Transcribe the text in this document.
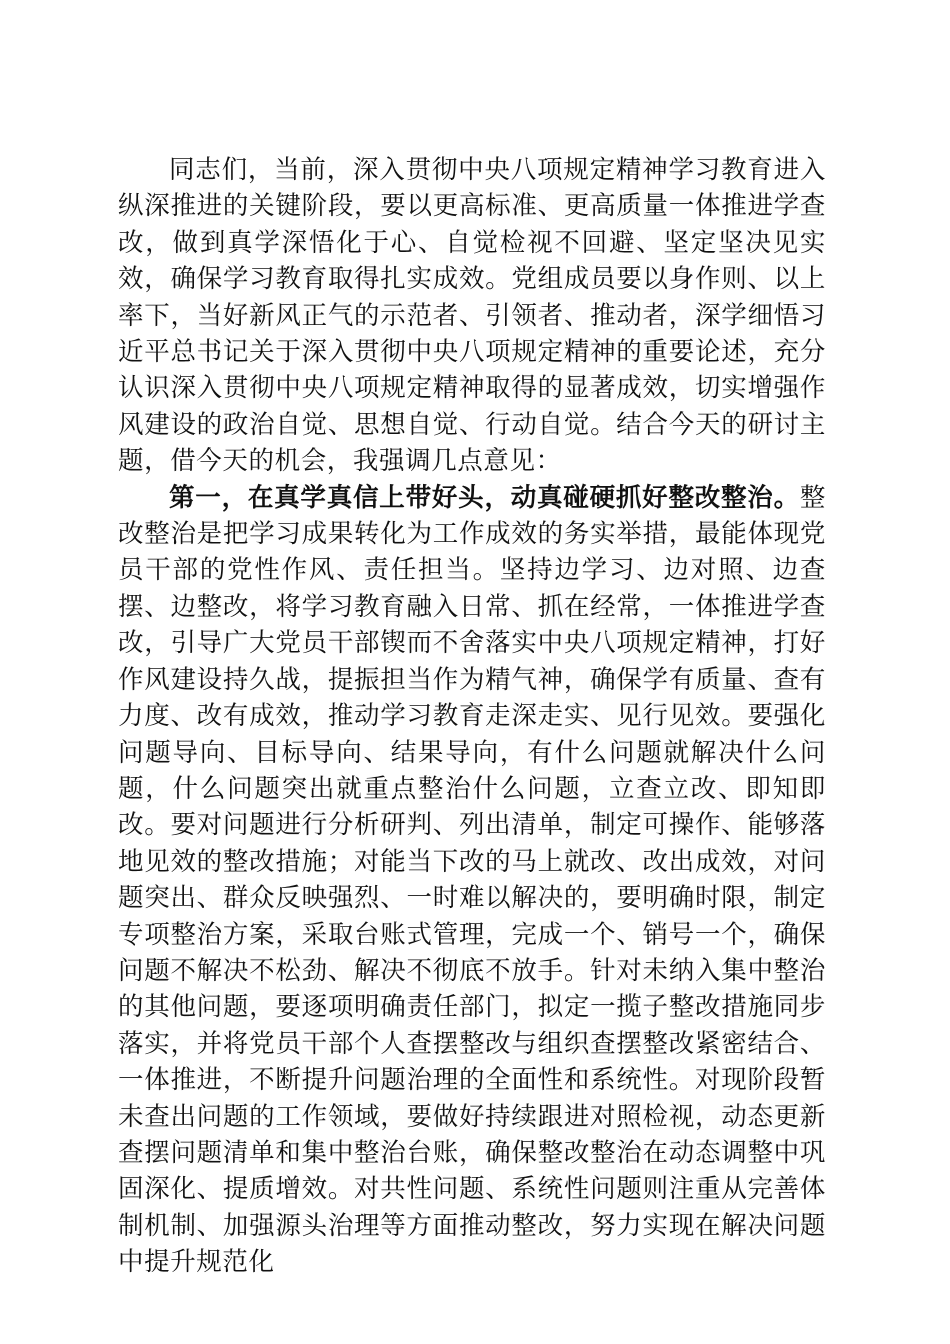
同志们，当前，深入贯彻中央八项规定精神学习教育进入纵深推进的关键阶段，要以更高标准、更高质量一体推进学查改，做到真学深悟化于心、自觉检视不回避、坚定坚决见实效，确保学习教育取得扎实成效。党组成员要以身作则、以上率下，当好新风正气的示范者、引领者、推动者，深学细悟习近平总书记关于深入贯彻中央八项规定精神的重要论述，充分认识深入贯彻中央八项规定精神取得的显著成效，切实增强作风建设的政治自觉、思想自觉、行动自觉。结合今天的研讨主题，借今天的机会，我强调几点意见：

第一，在真学真信上带好头，动真碰硬抓好整改整治。整改整治是把学习成果转化为工作成效的务实举措，最能体现党员干部的党性作风、责任担当。坚持边学习、边对照、边查摆、边整改，将学习教育融入日常、抓在经常，一体推进学查改，引导广大党员干部锲而不舍落实中央八项规定精神，打好作风建设持久战，提振担当作为精气神，确保学有质量、查有力度、改有成效，推动学习教育走深走实、见行见效。要强化问题导向、目标导向、结果导向，有什么问题就解决什么问题，什么问题突出就重点整治什么问题，立查立改、即知即改。要对问题进行分析研判、列出清单，制定可操作、能够落地见效的整改措施；对能当下改的马上就改、改出成效，对问题突出、群众反映强烈、一时难以解决的，要明确时限，制定专项整治方案，采取台账式管理，完成一个、销号一个，确保问题不解决不松劲、解决不彻底不放手。针对未纳入集中整治的其他问题，要逐项明确责任部门，拟定一揽子整改措施同步落实，并将党员干部个人查摆整改与组织查摆整改紧密结合、一体推进，不断提升问题治理的全面性和系统性。对现阶段暂未查出问题的工作领域，要做好持续跟进对照检视，动态更新查摆问题清单和集中整治台账，确保整改整治在动态调整中巩固深化、提质增效。对共性问题、系统性问题则注重从完善体制机制、加强源头治理等方面推动整改，努力实现在解决问题中提升规范化
